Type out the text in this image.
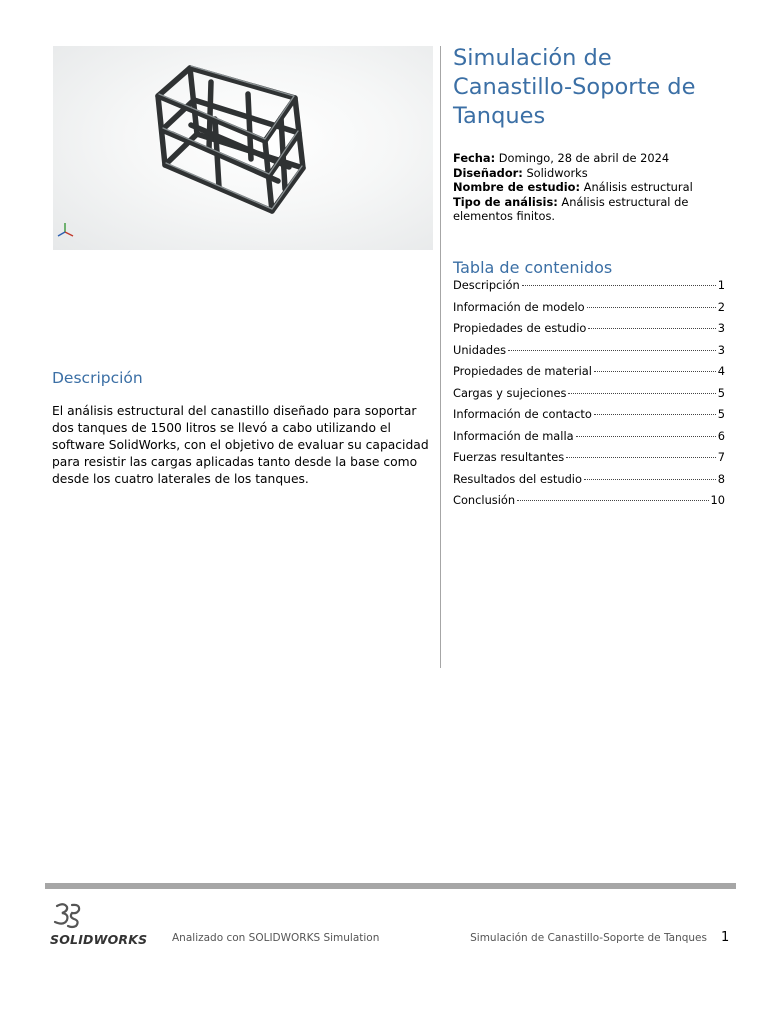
Simulación de Canastillo-Soporte de Tanques
Fecha: Domingo, 28 de abril de 2024
Diseñador: Solidworks
Nombre de estudio: Análisis estructural
Tipo de análisis: Análisis estructural de elementos finitos.
Tabla de contenidos
Descripción	1
Información de modelo	2
Propiedades de estudio	3
Unidades	3
Propiedades de material	4
Cargas y sujeciones	5
Información de contacto	5
Información de malla	6
Fuerzas resultantes	7
Resultados del estudio	8
Conclusión	10
Descripción

El análisis estructural del canastillo diseñado para soportar dos tanques de 1500 litros se llevó a cabo utilizando el software SolidWorks, con el objetivo de evaluar su capacidad para resistir las cargas aplicadas tanto desde la base como desde los cuatro laterales de los tanques.

SOLIDWORKS Analizado con SOLIDWORKS Simulation	Simulación de Canastillo-Soporte de Tanques 1
